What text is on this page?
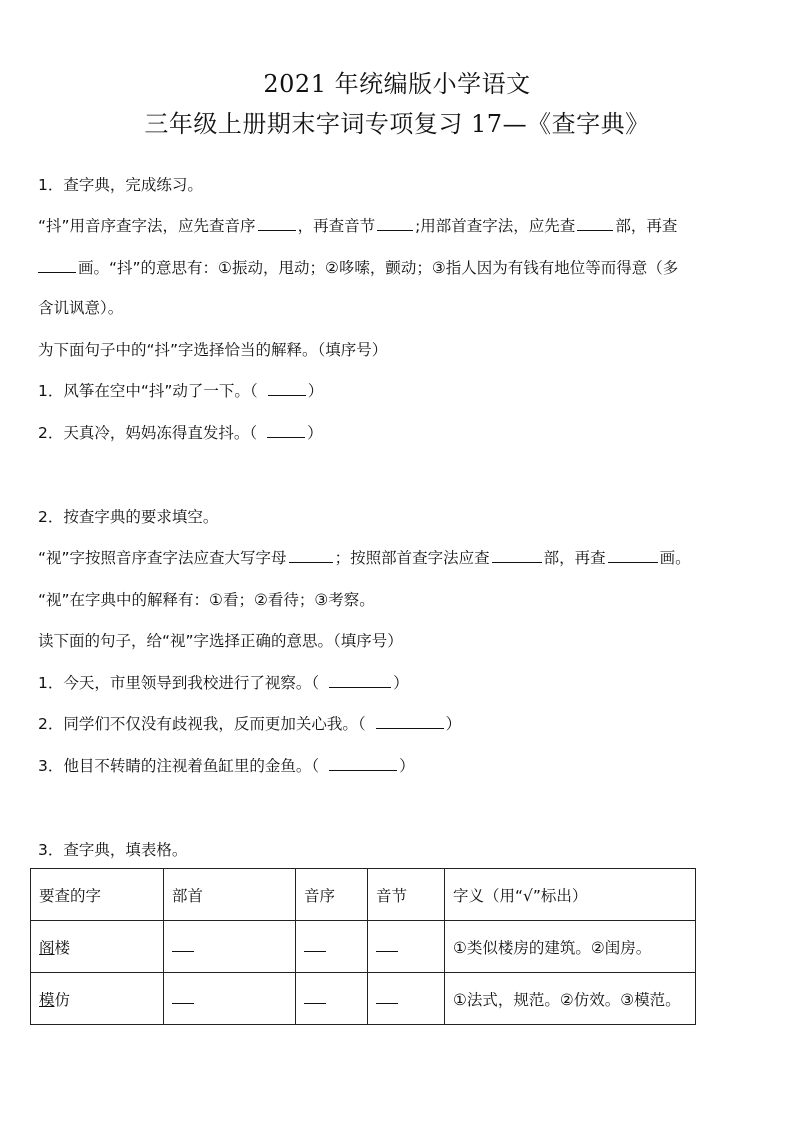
2021 年统编版小学语文
三年级上册期末字词专项复习 17—《查字典》
1．查字典，完成练习。
“抖”用音序查字法，应先查音序	，再查音节	;用部首查字法，应先查	部，再查
画。“抖”的意思有：①振动，甩动；②哆嗦，颤动；③指人因为有钱有地位等而得意（多
含讥讽意）。
为下面句子中的“抖”字选择恰当的解释。（填序号）
1．风筝在空中“抖”动了一下。（	）
2．天真冷，妈妈冻得直发抖。（	）
2．按查字典的要求填空。
“视”字按照音序查字法应查大写字母	；按照部首查字法应查	部，再查	画。
“视”在字典中的解释有：①看；②看待；③考察。
读下面的句子，给“视”字选择正确的意思。（填序号）
1．今天，市里领导到我校进行了视察。（	）
2．同学们不仅没有歧视我，反而更加关心我。（	）
3．他目不转睛的注视着鱼缸里的金鱼。（	）
3．查字典，填表格。
要查的字	部首	音序	音节	字义（用“√”标出）
阁楼				①类似楼房的建筑。②闺房。
模仿				①法式，规范。②仿效。③模范。
